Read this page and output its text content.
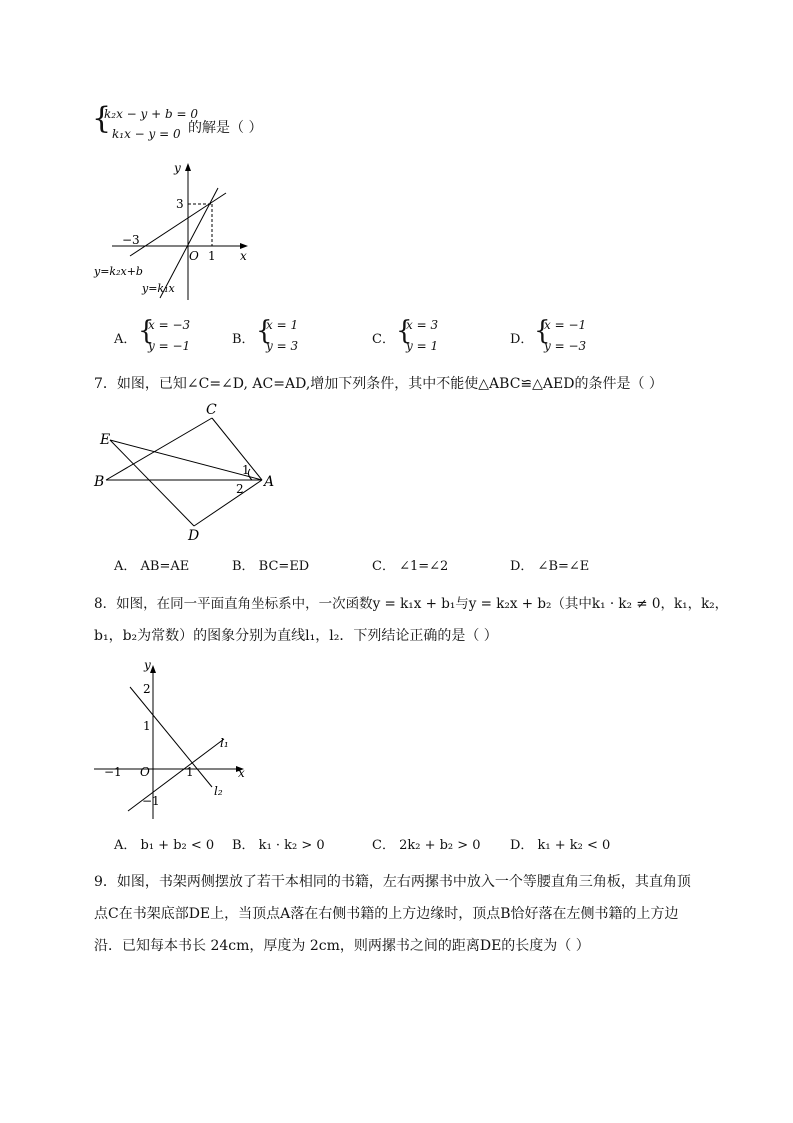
{
k₂x − y + b = 0
k₁x − y = 0 的解是（ ）
y
x
3
−3
O 1
y=k₂x+b
y=k₁x
A． {
x = −3
y = −1	B． {
x = 1
y = 3	C． {
x = 3
y = 1	D． {
x = −1
y = −3
7．如图，已知∠C=∠D, AC=AD,增加下列条件，其中不能使△ABC≌△AED的条件是（ ）
C
E
B	A
D
1
2
A． AB=AE	B． BC=ED	C． ∠1=∠2	D． ∠B=∠E
8．如图，在同一平面直角坐标系中，一次函数y = k₁x + b₁与y = k₂x + b₂（其中k₁ · k₂ ≠ 0，k₁，k₂，
b₁，b₂为常数）的图象分别为直线l₁，l₂．下列结论正确的是（ ）
y
x
2
1
−1 O	1
−1
l₁
l₂
A． b₁ + b₂ < 0 B． k₁ · k₂ > 0	C． 2k₂ + b₂ > 0 D． k₁ + k₂ < 0
9．如图，书架两侧摆放了若干本相同的书籍，左右两摞书中放入一个等腰直角三角板，其直角顶
点C在书架底部DE上，当顶点A落在右侧书籍的上方边缘时，顶点B恰好落在左侧书籍的上方边
沿．已知每本书长 24cm，厚度为 2cm，则两摞书之间的距离DE的长度为（ ）
